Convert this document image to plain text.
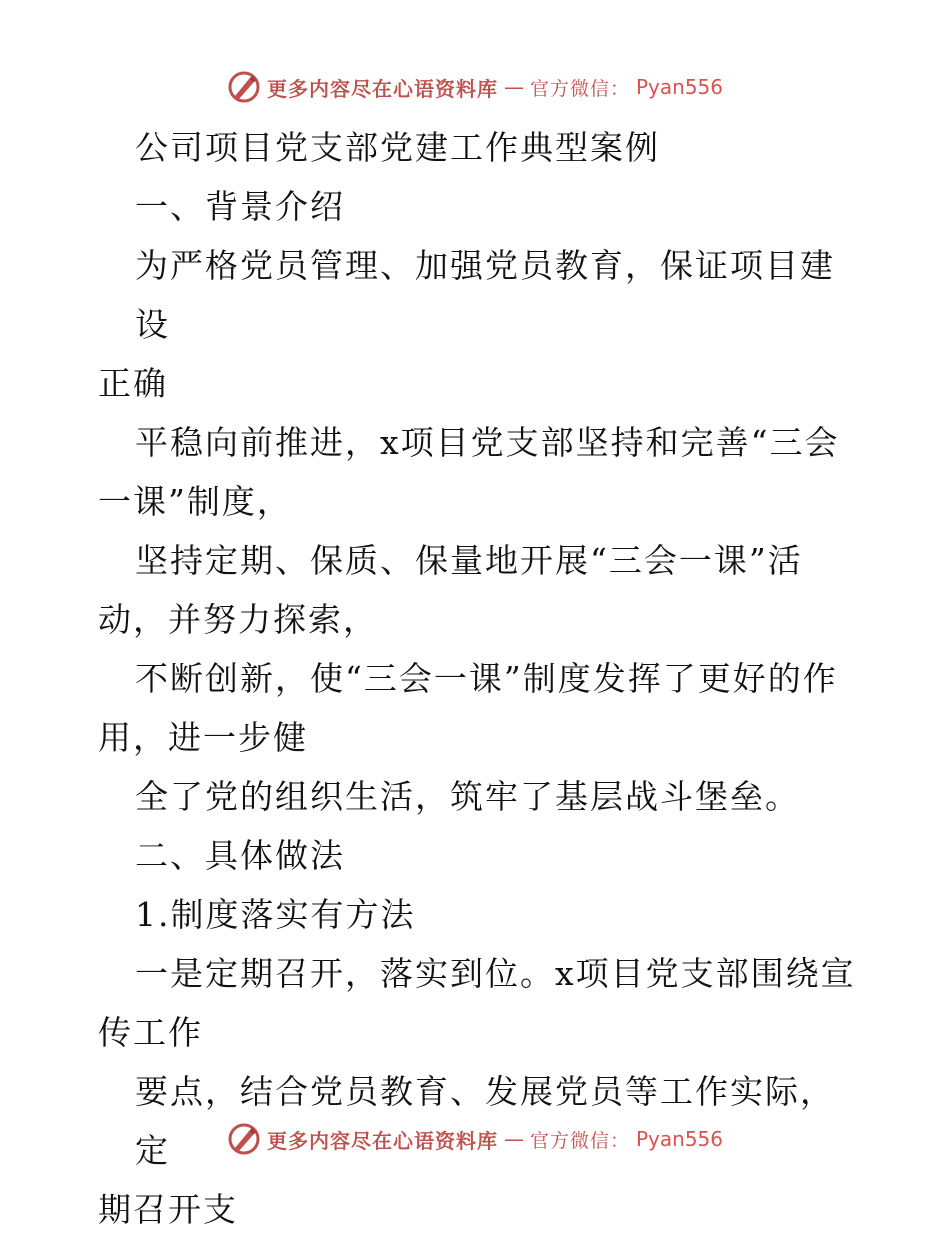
更多内容尽在心语资料库 — 官方微信： Pyan556

公司项目党支部党建工作典型案例

一、背景介绍

为严格党员管理、加强党员教育，保证项目建设

正确

平稳向前推进，x项目党支部坚持和完善“三会

一课”制度，

坚持定期、保质、保量地开展“三会一课”活

动，并努力探索，

不断创新，使“三会一课”制度发挥了更好的作

用，进一步健

全了党的组织生活，筑牢了基层战斗堡垒。

二、具体做法

1.制度落实有方法

一是定期召开，落实到位。x项目党支部围绕宣

传工作

要点，结合党员教育、发展党员等工作实际，定

期召开支

更多内容尽在心语资料库 — 官方微信： Pyan556
